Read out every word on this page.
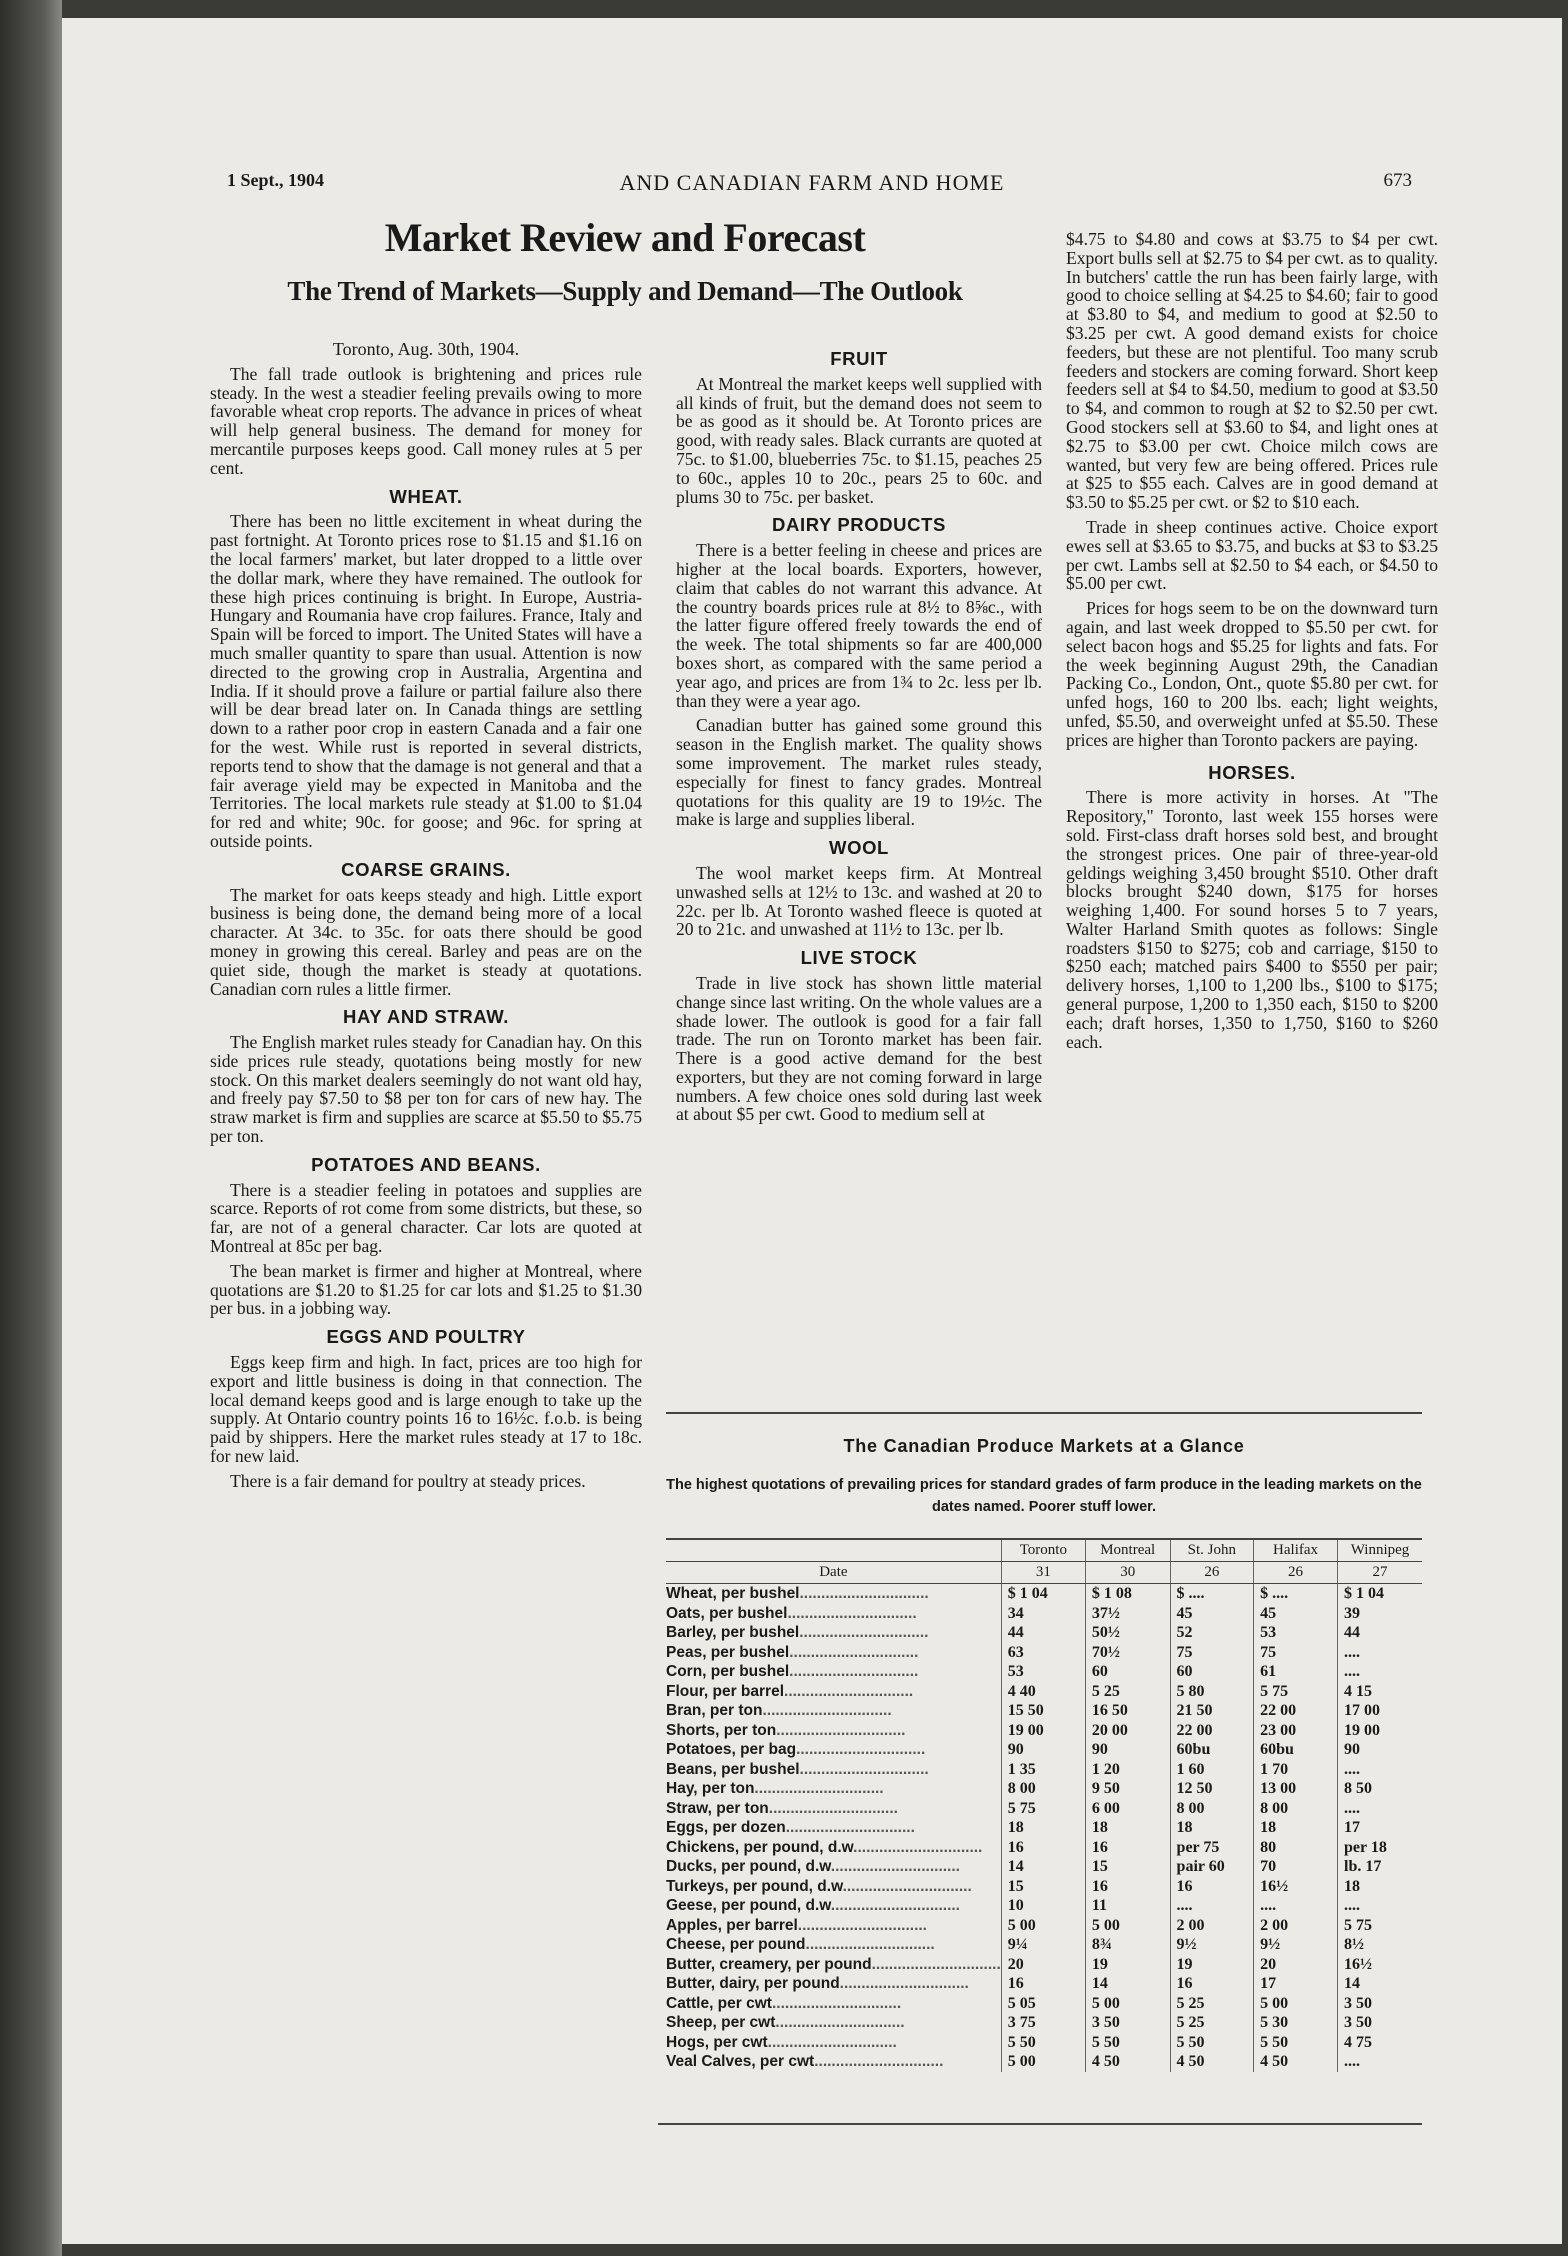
1 Sept., 1904	AND CANADIAN FARM AND HOME	673
Market Review and Forecast
The Trend of Markets—Supply and Demand—The Outlook

Toronto, Aug. 30th, 1904.

The fall trade outlook is brightening and prices rule steady. In the west a steadier feeling prevails owing to more favorable wheat crop reports. The advance in prices of wheat will help general business. The demand for money for mercantile purposes keeps good. Call money rules at 5 per cent.

WHEAT.

There has been no little excitement in wheat during the past fortnight. At Toronto prices rose to $1.15 and $1.16 on the local farmers' market, but later dropped to a little over the dollar mark, where they have remained. The outlook for these high prices continuing is bright. In Europe, Austria-Hungary and Roumania have crop failures. France, Italy and Spain will be forced to import. The United States will have a much smaller quantity to spare than usual. Attention is now directed to the growing crop in Australia, Argentina and India. If it should prove a failure or partial failure also there will be dear bread later on. In Canada things are settling down to a rather poor crop in eastern Canada and a fair one for the west. While rust is reported in several districts, reports tend to show that the damage is not general and that a fair average yield may be expected in Manitoba and the Territories. The local markets rule steady at $1.00 to $1.04 for red and white; 90c. for goose; and 96c. for spring at outside points.

COARSE GRAINS.

The market for oats keeps steady and high. Little export business is being done, the demand being more of a local character. At 34c. to 35c. for oats there should be good money in growing this cereal. Barley and peas are on the quiet side, though the market is steady at quotations. Canadian corn rules a little firmer.

HAY AND STRAW.

The English market rules steady for Canadian hay. On this side prices rule steady, quotations being mostly for new stock. On this market dealers seemingly do not want old hay, and freely pay $7.50 to $8 per ton for cars of new hay. The straw market is firm and supplies are scarce at $5.50 to $5.75 per ton.

POTATOES AND BEANS.

There is a steadier feeling in potatoes and supplies are scarce. Reports of rot come from some districts, but these, so far, are not of a general character. Car lots are quoted at Montreal at 85c per bag.

The bean market is firmer and higher at Montreal, where quotations are $1.20 to $1.25 for car lots and $1.25 to $1.30 per bus. in a jobbing way.

EGGS AND POULTRY

Eggs keep firm and high. In fact, prices are too high for export and little business is doing in that connection. The local demand keeps good and is large enough to take up the supply. At Ontario country points 16 to 16½c. f.o.b. is being paid by shippers. Here the market rules steady at 17 to 18c. for new laid.

There is a fair demand for poultry at steady prices.

FRUIT

At Montreal the market keeps well supplied with all kinds of fruit, but the demand does not seem to be as good as it should be. At Toronto prices are good, with ready sales. Black currants are quoted at 75c. to $1.00, blueberries 75c. to $1.15, peaches 25 to 60c., apples 10 to 20c., pears 25 to 60c. and plums 30 to 75c. per basket.

DAIRY PRODUCTS

There is a better feeling in cheese and prices are higher at the local boards. Exporters, however, claim that cables do not warrant this advance. At the country boards prices rule at 8½ to 8⅝c., with the latter figure offered freely towards the end of the week. The total shipments so far are 400,000 boxes short, as compared with the same period a year ago, and prices are from 1¾ to 2c. less per lb. than they were a year ago.

Canadian butter has gained some ground this season in the English market. The quality shows some improvement. The market rules steady, especially for finest to fancy grades. Montreal quotations for this quality are 19 to 19½c. The make is large and supplies liberal.

WOOL

The wool market keeps firm. At Montreal unwashed sells at 12½ to 13c. and washed at 20 to 22c. per lb. At Toronto washed fleece is quoted at 20 to 21c. and unwashed at 11½ to 13c. per lb.

LIVE STOCK

Trade in live stock has shown little material change since last writing. On the whole values are a shade lower. The outlook is good for a fair fall trade. The run on Toronto market has been fair. There is a good active demand for the best exporters, but they are not coming forward in large numbers. A few choice ones sold during last week at about $5 per cwt. Good to medium sell at

$4.75 to $4.80 and cows at $3.75 to $4 per cwt. Export bulls sell at $2.75 to $4 per cwt. as to quality. In butchers' cattle the run has been fairly large, with good to choice selling at $4.25 to $4.60; fair to good at $3.80 to $4, and medium to good at $2.50 to $3.25 per cwt. A good demand exists for choice feeders, but these are not plentiful. Too many scrub feeders and stockers are coming forward. Short keep feeders sell at $4 to $4.50, medium to good at $3.50 to $4, and common to rough at $2 to $2.50 per cwt. Good stockers sell at $3.60 to $4, and light ones at $2.75 to $3.00 per cwt. Choice milch cows are wanted, but very few are being offered. Prices rule at $25 to $55 each. Calves are in good demand at $3.50 to $5.25 per cwt. or $2 to $10 each.

Trade in sheep continues active. Choice export ewes sell at $3.65 to $3.75, and bucks at $3 to $3.25 per cwt. Lambs sell at $2.50 to $4 each, or $4.50 to $5.00 per cwt.

Prices for hogs seem to be on the downward turn again, and last week dropped to $5.50 per cwt. for select bacon hogs and $5.25 for lights and fats. For the week beginning August 29th, the Canadian Packing Co., London, Ont., quote $5.80 per cwt. for unfed hogs, 160 to 200 lbs. each; light weights, unfed, $5.50, and overweight unfed at $5.50. These prices are higher than Toronto packers are paying.

HORSES.

There is more activity in horses. At "The Repository," Toronto, last week 155 horses were sold. First-class draft horses sold best, and brought the strongest prices. One pair of three-year-old geldings weighing 3,450 brought $510. Other draft blocks brought $240 down, $175 for horses weighing 1,400. For sound horses 5 to 7 years, Walter Harland Smith quotes as follows: Single roadsters $150 to $275; cob and carriage, $150 to $250 each; matched pairs $400 to $550 per pair; delivery horses, 1,100 to 1,200 lbs., $100 to $175; general purpose, 1,200 to 1,350 each, $150 to $200 each; draft horses, 1,350 to 1,750, $160 to $260 each.

The Canadian Produce Markets at a Glance
The highest quotations of prevailing prices for standard grades of farm produce in the leading markets on the dates named. Poorer stuff lower.
	Toronto	Montreal	St. John	Halifax	Winnipeg
Date	31	30	26	26	27
Wheat, per bushel..............................	$ 1 04	$ 1 08	$ ....	$ ....	$ 1 04
Oats, per bushel..............................	34	37½	45	45	39
Barley, per bushel..............................	44	50½	52	53	44
Peas, per bushel..............................	63	70½	75	75	....
Corn, per bushel..............................	53	60	60	61	....
Flour, per barrel..............................	4 40	5 25	5 80	5 75	4 15
Bran, per ton..............................	15 50	16 50	21 50	22 00	17 00
Shorts, per ton..............................	19 00	20 00	22 00	23 00	19 00
Potatoes, per bag..............................	90	90	60bu	60bu	90
Beans, per bushel..............................	1 35	1 20	1 60	1 70	....
Hay, per ton..............................	8 00	9 50	12 50	13 00	8 50
Straw, per ton..............................	5 75	6 00	8 00	8 00	....
Eggs, per dozen..............................	18	18	18	18	17
Chickens, per pound, d.w..............................	16	16	per 75	80	per 18
Ducks, per pound, d.w..............................	14	15	pair 60	70	lb. 17
Turkeys, per pound, d.w..............................	15	16	16	16½	18
Geese, per pound, d.w..............................	10	11	....	....	....
Apples, per barrel..............................	5 00	5 00	2 00	2 00	5 75
Cheese, per pound..............................	9¼	8¾	9½	9½	8½
Butter, creamery, per pound..............................	20	19	19	20	16½
Butter, dairy, per pound..............................	16	14	16	17	14
Cattle, per cwt..............................	5 05	5 00	5 25	5 00	3 50
Sheep, per cwt..............................	3 75	3 50	5 25	5 30	3 50
Hogs, per cwt..............................	5 50	5 50	5 50	5 50	4 75
Veal Calves, per cwt..............................	5 00	4 50	4 50	4 50	....
